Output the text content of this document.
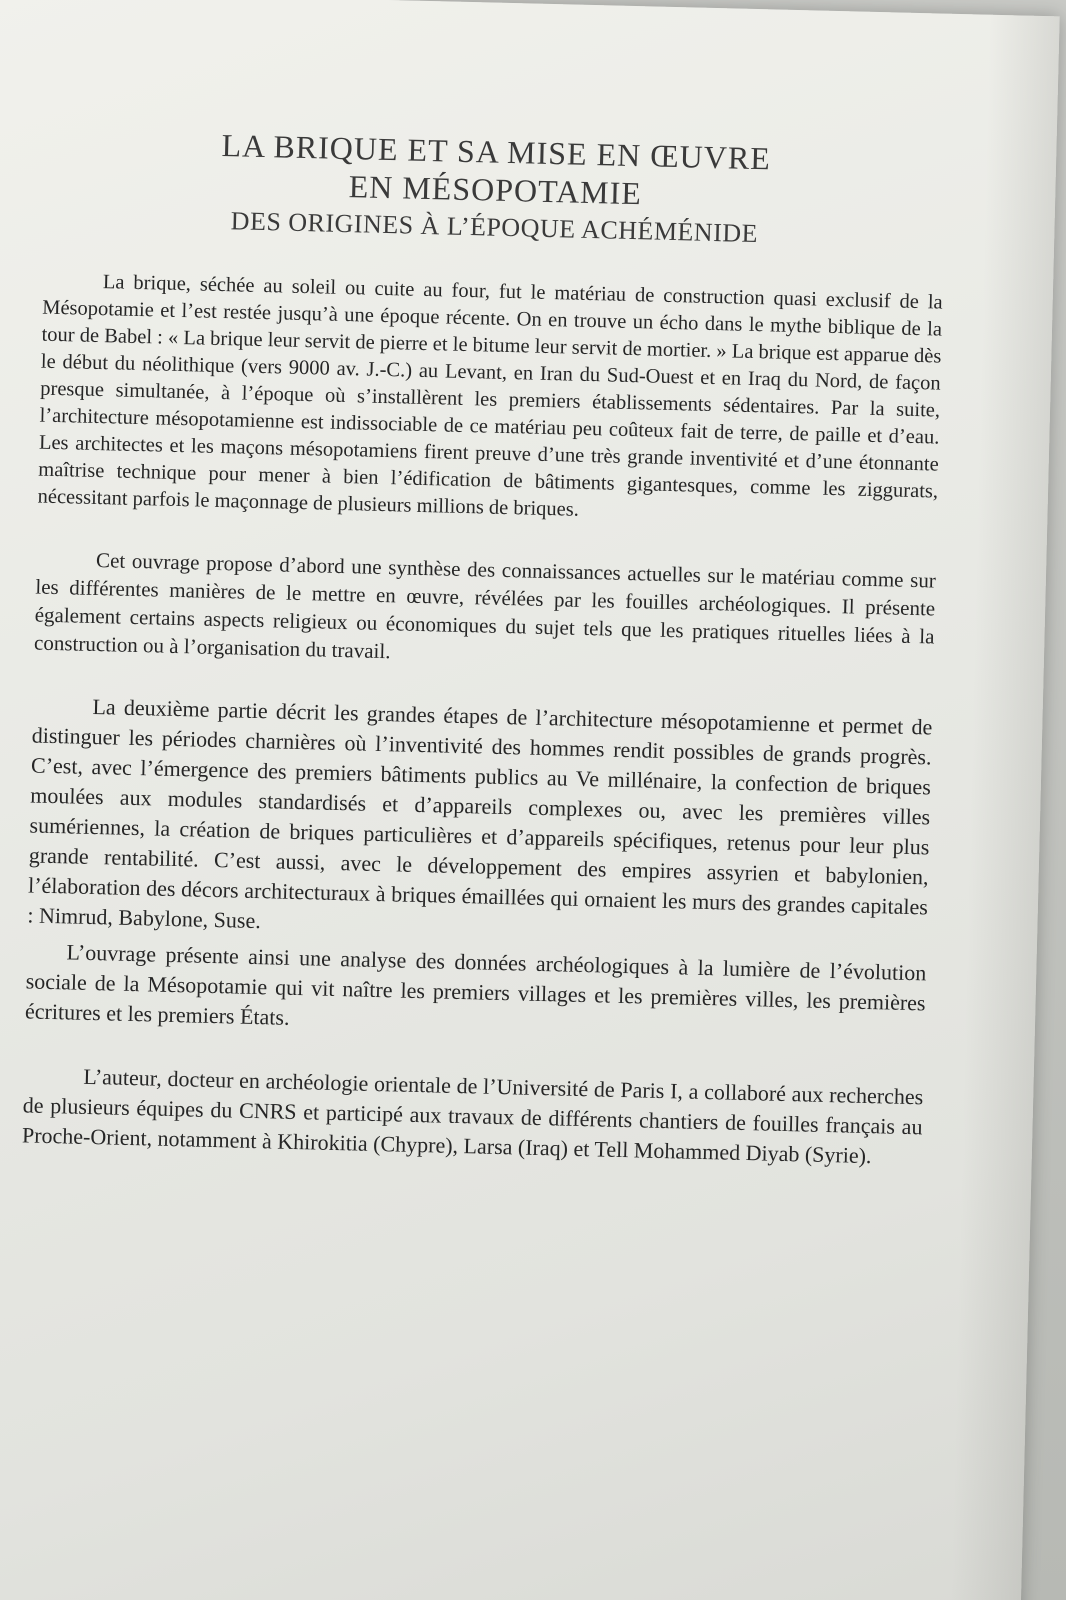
LA BRIQUE ET SA MISE EN ŒUVRE
EN MÉSOPOTAMIE
DES ORIGINES À L’ÉPOQUE ACHÉMÉNIDE

La brique, séchée au soleil ou cuite au four, fut le matériau de construction quasi exclusif de la Mésopotamie et l’est restée jusqu’à une époque récente. On en trouve un écho dans le mythe biblique de la tour de Babel : « La brique leur servit de pierre et le bitume leur servit de mortier. » La brique est apparue dès le début du néolithique (vers 9000 av. J.-C.) au Levant, en Iran du Sud-Ouest et en Iraq du Nord, de façon presque simultanée, à l’époque où s’installèrent les premiers établissements sédentaires. Par la suite, l’architecture mésopotamienne est indissociable de ce matériau peu coûteux fait de terre, de paille et d’eau. Les architectes et les maçons mésopotamiens firent preuve d’une très grande inventivité et d’une étonnante maîtrise technique pour mener à bien l’édification de bâtiments gigantesques, comme les ziggurats, nécessitant parfois le maçonnage de plusieurs millions de briques.

Cet ouvrage propose d’abord une synthèse des connaissances actuelles sur le matériau comme sur les différentes manières de le mettre en œuvre, révélées par les fouilles archéologiques. Il présente également certains aspects religieux ou économiques du sujet tels que les pratiques rituelles liées à la construction ou à l’organisation du travail.

La deuxième partie décrit les grandes étapes de l’architecture mésopotamienne et permet de distinguer les périodes charnières où l’inventivité des hommes rendit possibles de grands progrès. C’est, avec l’émergence des premiers bâtiments publics au Ve millénaire, la confection de briques moulées aux modules standardisés et d’appareils complexes ou, avec les premières villes sumériennes, la création de briques particulières et d’appareils spécifiques, retenus pour leur plus grande rentabilité. C’est aussi, avec le développement des empires assyrien et babylonien, l’élaboration des décors architecturaux à briques émaillées qui ornaient les murs des grandes capitales : Nimrud, Babylone, Suse.

L’ouvrage présente ainsi une analyse des données archéologiques à la lumière de l’évolution sociale de la Mésopotamie qui vit naître les premiers villages et les premières villes, les premières écritures et les premiers États.

L’auteur, docteur en archéologie orientale de l’Université de Paris I, a collaboré aux recherches de plusieurs équipes du CNRS et participé aux travaux de différents chantiers de fouilles français au Proche-Orient, notamment à Khirokitia (Chypre), Larsa (Iraq) et Tell Mohammed Diyab (Syrie).
